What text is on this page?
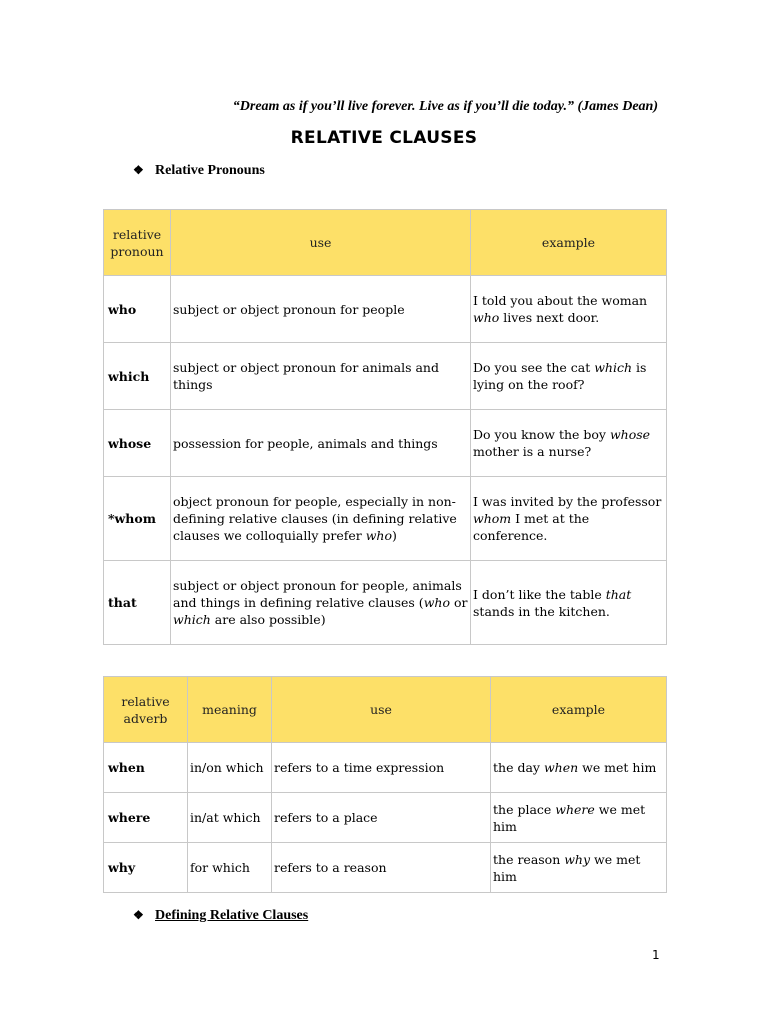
“Dream as if you’ll live forever. Live as if you’ll die today.” (James Dean)
RELATIVE CLAUSES
❖ Relative Pronouns
relative pronoun	use	example
who	subject or object pronoun for people	I told you about the woman who lives next door.
which	subject or object pronoun for animals and things	Do you see the cat which is lying on the roof?
whose	possession for people, animals and things	Do you know the boy whose mother is a nurse?
*whom	object pronoun for people, especially in non-defining relative clauses (in defining relative clauses we colloquially prefer who)	I was invited by the professor whom I met at the conference.
that	subject or object pronoun for people, animals and things in defining relative clauses (who or which are also possible)	I don’t like the table that stands in the kitchen.
relative adverb	meaning	use	example
when	in/on which	refers to a time expression	the day when we met him
where	in/at which	refers to a place	the place where we met him
why	for which	refers to a reason	the reason why we met him
❖ Defining Relative Clauses
1
